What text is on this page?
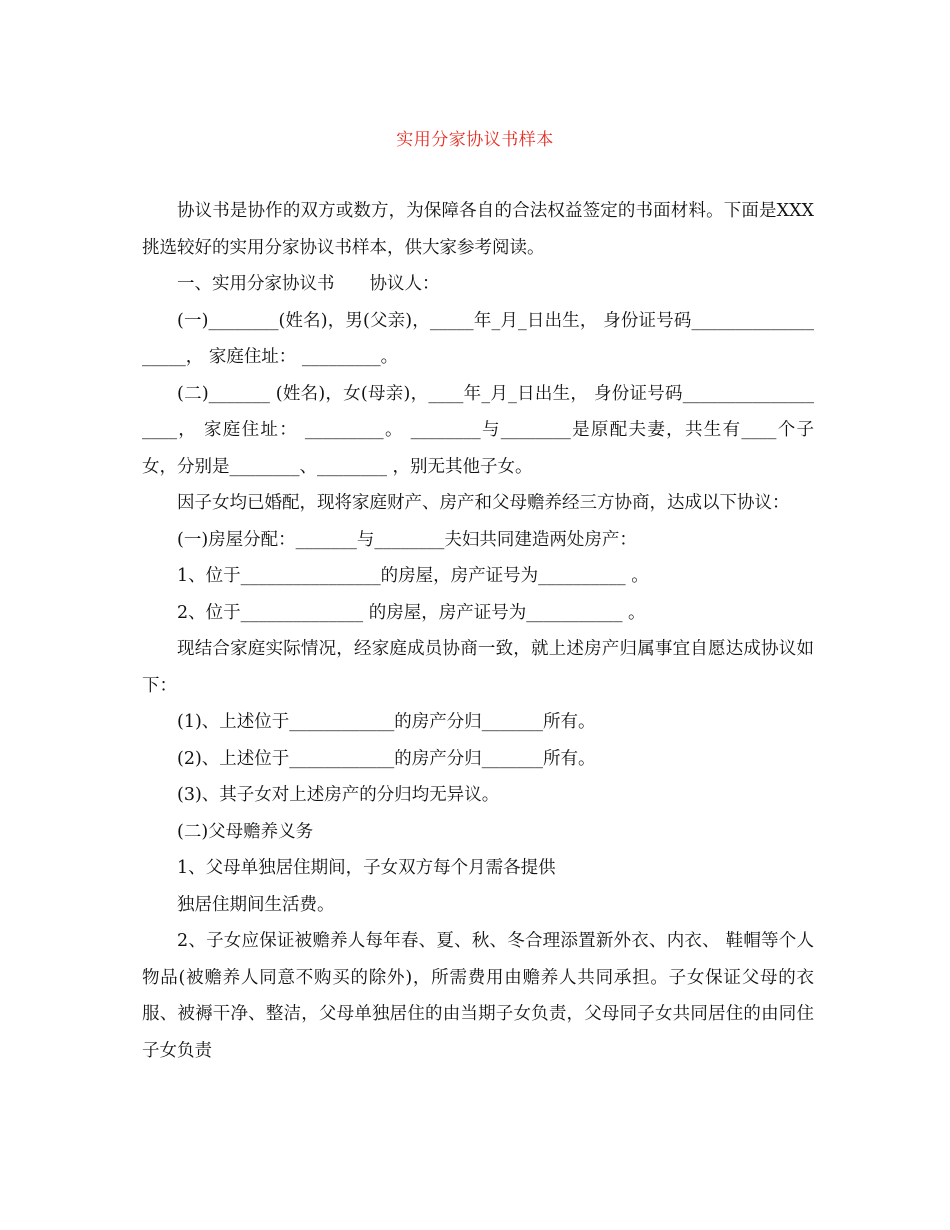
实用分家协议书样本

协议书是协作的双方或数方，为保障各自的合法权益签定的书面材料。下面是XXX挑选较好的实用分家协议书样本，供大家参考阅读。

一、实用分家协议书　　协议人：

(一)________(姓名)，男(父亲)，_____年_月_日出生， 身份证号码___________________， 家庭住址： _________。

(二)_______ (姓名)，女(母亲)，____年_月_日出生， 身份证号码___________________， 家庭住址： _________。 ________与________是原配夫妻，共生有____个子女，分别是________、________ ，别无其他子女。

因子女均已婚配，现将家庭财产、房产和父母赡养经三方协商，达成以下协议：

(一)房屋分配：_______与________夫妇共同建造两处房产：

1、位于________________的房屋，房产证号为__________ 。

2、位于______________ 的房屋，房产证号为___________ 。

现结合家庭实际情况，经家庭成员协商一致，就上述房产归属事宜自愿达成协议如下：

(1)、上述位于____________的房产分归_______所有。

(2)、上述位于____________的房产分归_______所有。

(3)、其子女对上述房产的分归均无异议。

(二)父母赡养义务

1、父母单独居住期间，子女双方每个月需各提供

独居住期间生活费。

2、子女应保证被赡养人每年春、夏、秋、冬合理添置新外衣、内衣、 鞋帽等个人物品(被赡养人同意不购买的除外)，所需费用由赡养人共同承担。子女保证父母的衣服、被褥干净、整洁，父母单独居住的由当期子女负责，父母同子女共同居住的由同住子女负责
